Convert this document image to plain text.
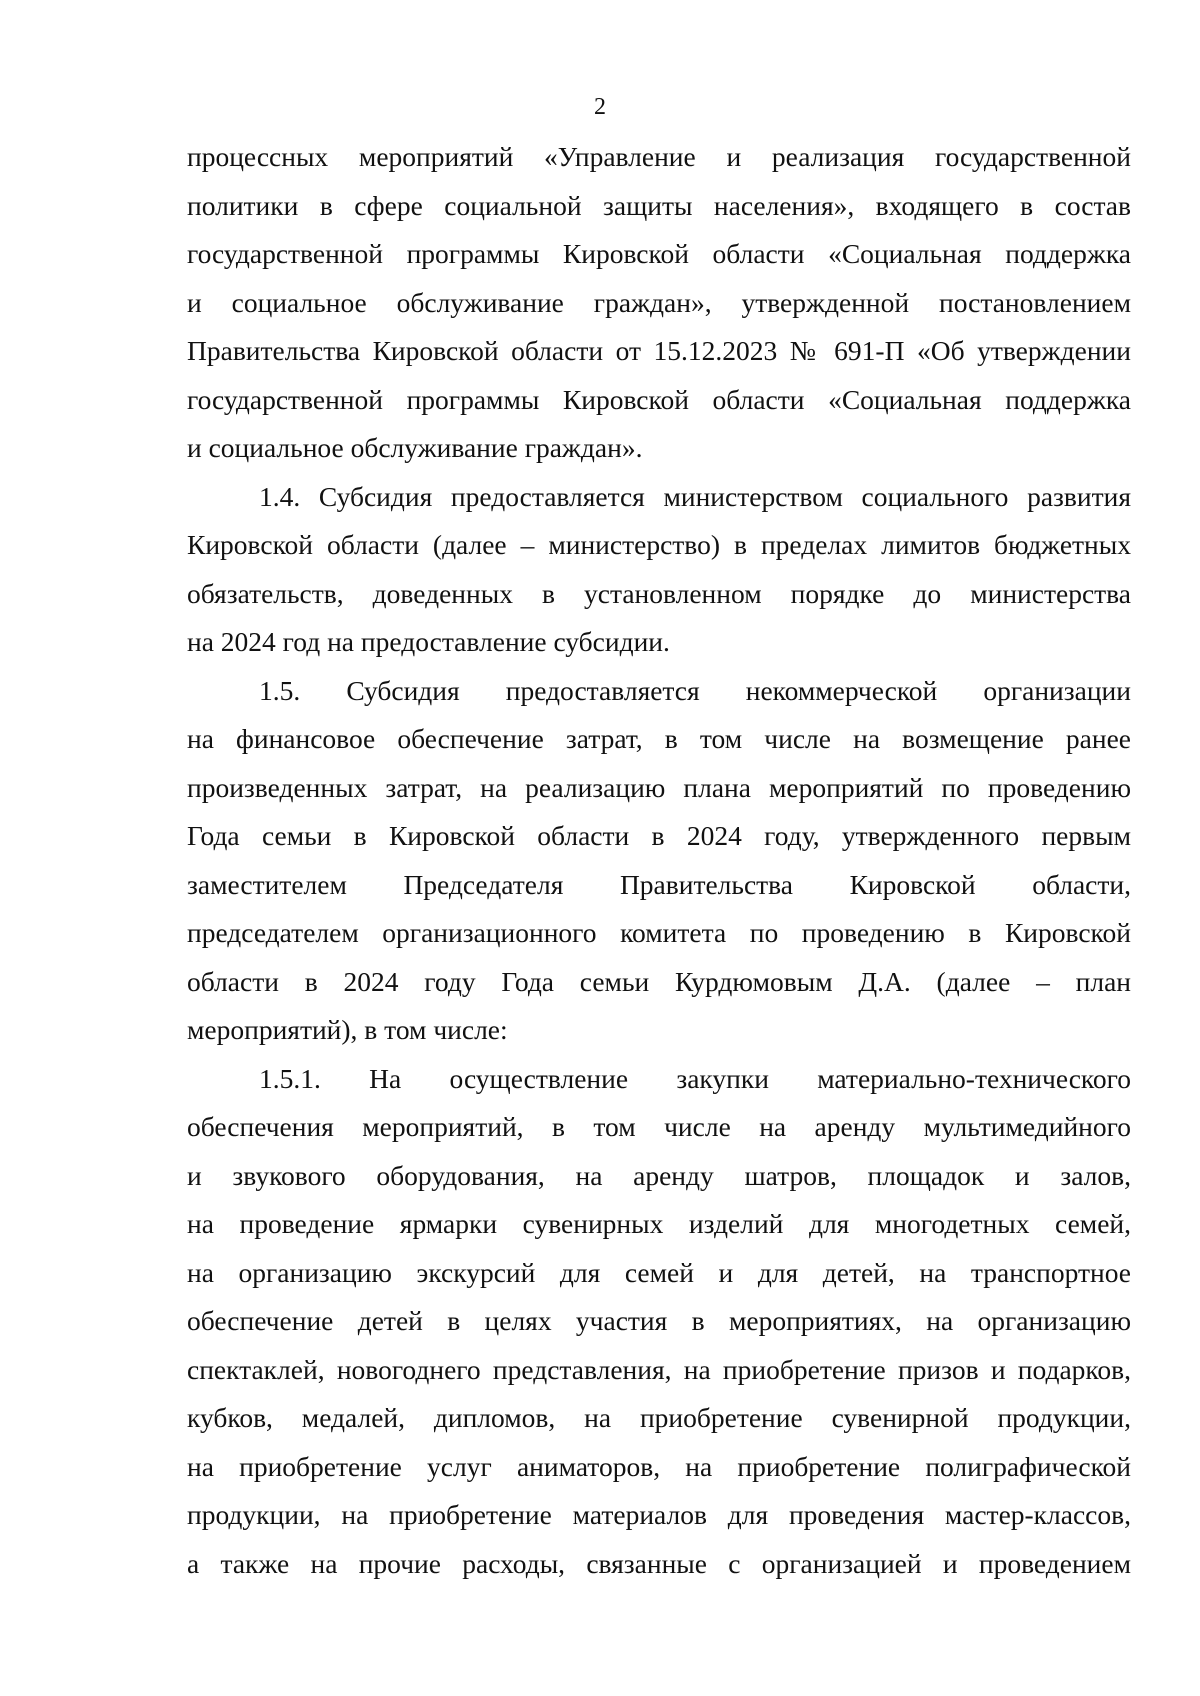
2
процессных мероприятий «Управление и реализация государственной
политики в сфере социальной защиты населения», входящего в состав
государственной программы Кировской области «Социальная поддержка
и социальное обслуживание граждан», утвержденной постановлением
Правительства Кировской области от 15.12.2023 № 691-П «Об утверждении
государственной программы Кировской области «Социальная поддержка
и социальное обслуживание граждан».
1.4. Субсидия предоставляется министерством социального развития
Кировской области (далее – министерство) в пределах лимитов бюджетных
обязательств, доведенных в установленном порядке до министерства
на 2024 год на предоставление субсидии.
1.5. Субсидия предоставляется некоммерческой организации
на финансовое обеспечение затрат, в том числе на возмещение ранее
произведенных затрат, на реализацию плана мероприятий по проведению
Года семьи в Кировской области в 2024 году, утвержденного первым
заместителем Председателя Правительства Кировской области,
председателем организационного комитета по проведению в Кировской
области в 2024 году Года семьи Курдюмовым Д.А. (далее – план
мероприятий), в том числе:
1.5.1. На осуществление закупки материально-технического
обеспечения мероприятий, в том числе на аренду мультимедийного
и звукового оборудования, на аренду шатров, площадок и залов,
на проведение ярмарки сувенирных изделий для многодетных семей,
на организацию экскурсий для семей и для детей, на транспортное
обеспечение детей в целях участия в мероприятиях, на организацию
спектаклей, новогоднего представления, на приобретение призов и подарков,
кубков, медалей, дипломов, на приобретение сувенирной продукции,
на приобретение услуг аниматоров, на приобретение полиграфической
продукции, на приобретение материалов для проведения мастер-классов,
а также на прочие расходы, связанные с организацией и проведением
